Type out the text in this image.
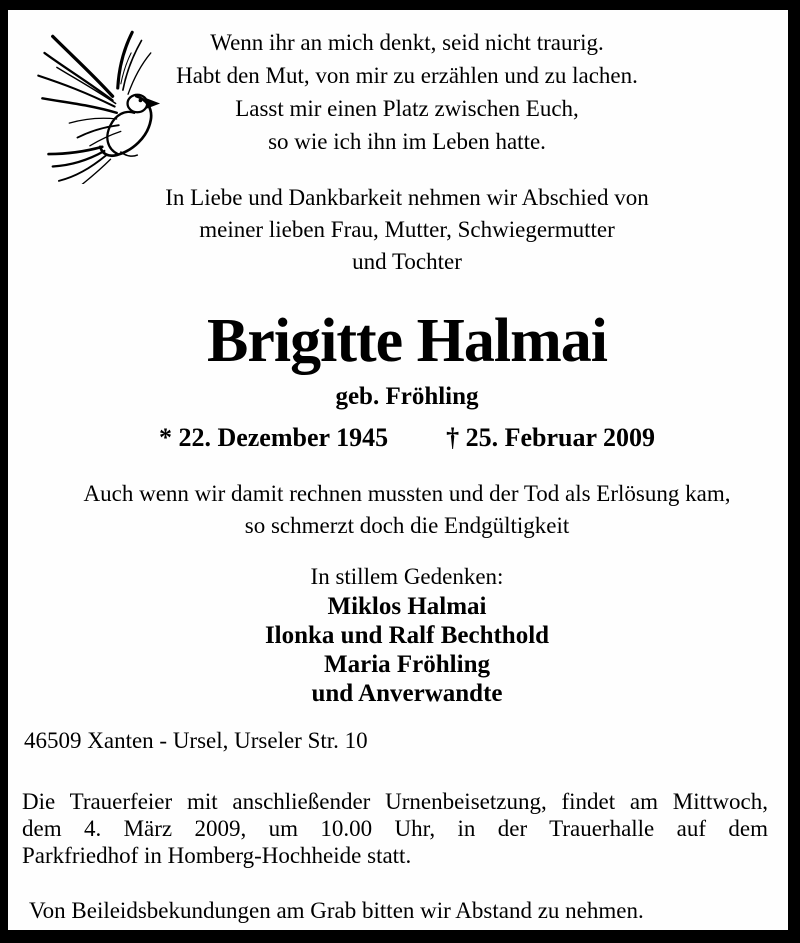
Wenn ihr an mich denkt, seid nicht traurig.
Habt den Mut, von mir zu erzählen und zu lachen.
Lasst mir einen Platz zwischen Euch,
so wie ich ihn im Leben hatte.
In Liebe und Dankbarkeit nehmen wir Abschied von
meiner lieben Frau, Mutter, Schwiegermutter
und Tochter
Brigitte Halmai
geb. Fröhling
* 22. Dezember 1945 † 25. Februar 2009
Auch wenn wir damit rechnen mussten und der Tod als Erlösung kam,
so schmerzt doch die Endgültigkeit
In stillem Gedenken:
Miklos Halmai
Ilonka und Ralf Bechthold
Maria Fröhling
und Anverwandte
46509 Xanten - Ursel, Urseler Str. 10
Die Trauerfeier mit anschließender Urnenbeisetzung, findet am Mittwoch,
dem 4. März 2009, um 10.00 Uhr, in der Trauerhalle auf dem
Parkfriedhof in Homberg-Hochheide statt.
Von Beileidsbekundungen am Grab bitten wir Abstand zu nehmen.
